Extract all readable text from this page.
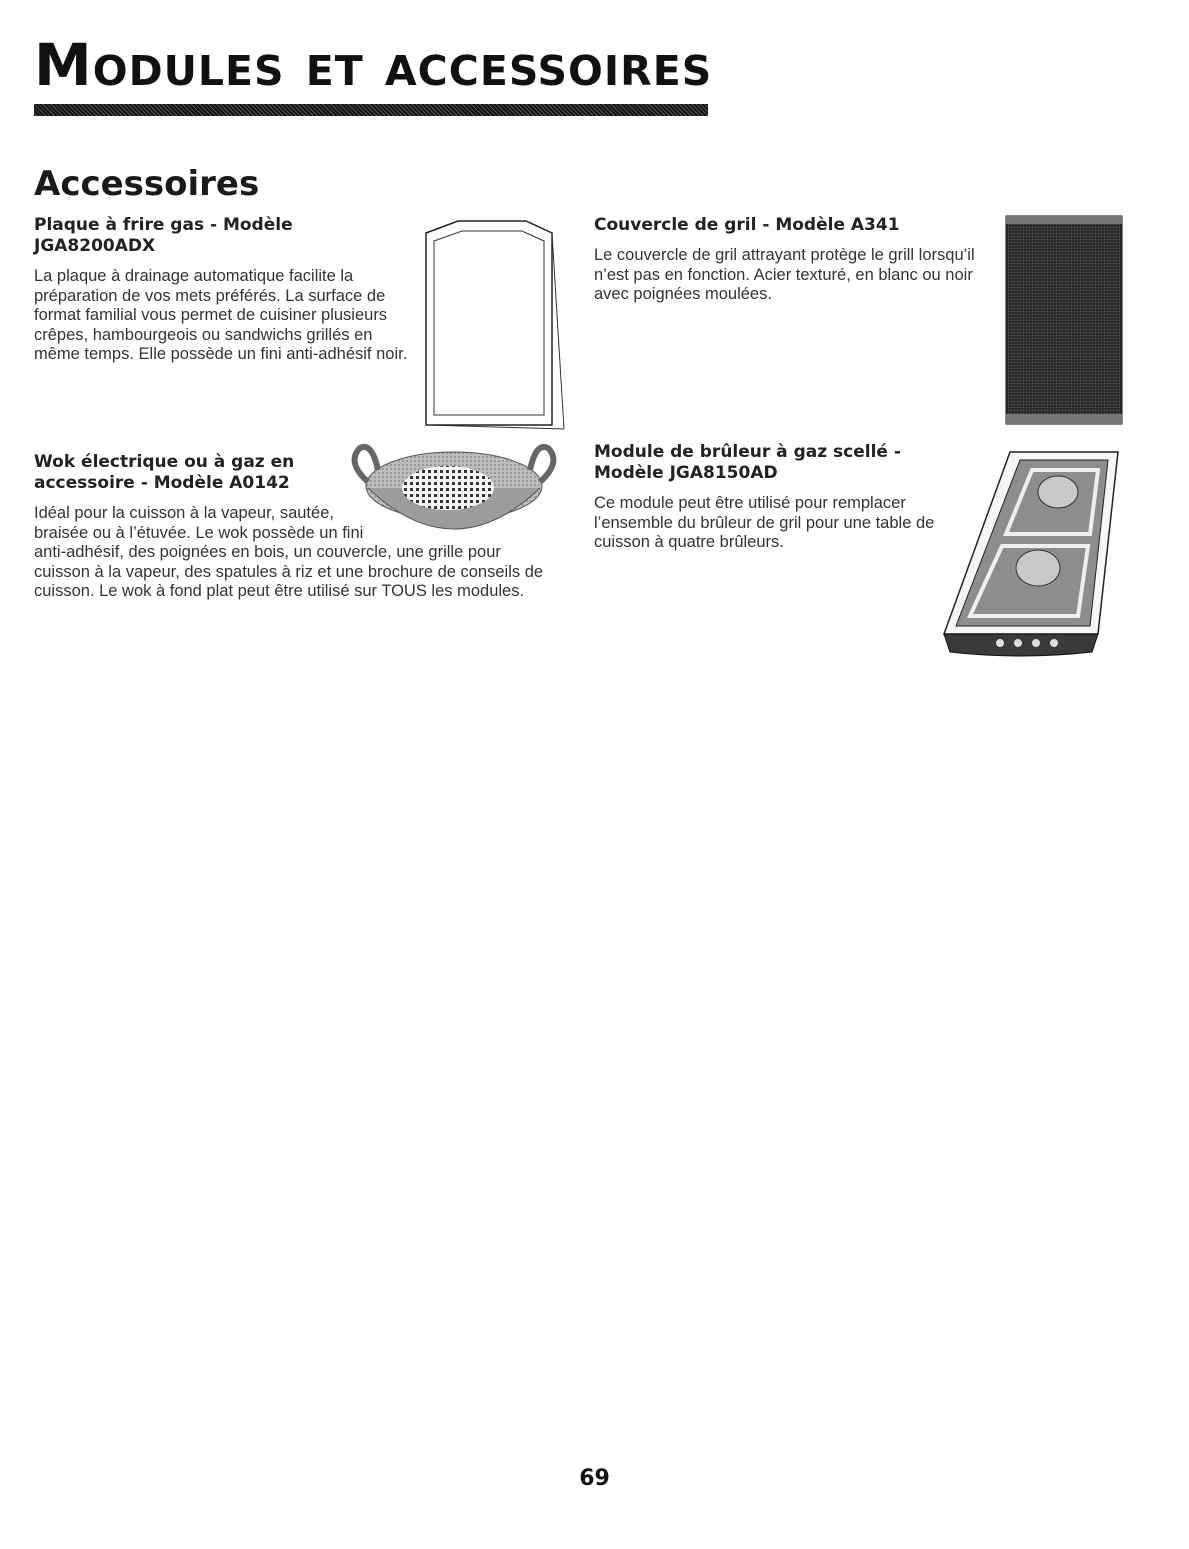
Modules et accessoires
Accessoires
Plaque à frire gas - Modèle
JGA8200ADX

La plaque à drainage automatique facilite la préparation de vos mets préférés. La surface de format familial vous permet de cuisiner plusieurs crêpes, hambourgeois ou sandwichs grillés en même temps. Elle possède un fini anti-adhésif noir.

Wok électrique ou à gaz en
accessoire - Modèle A0142

Idéal pour la cuisson à la vapeur, sautée,
braisée ou à l’étuvée. Le wok possède un fini
anti-adhésif, des poignées en bois, un couvercle, une grille pour cuisson à la vapeur, des spatules à riz et une brochure de conseils de cuisson. Le wok à fond plat peut être utilisé sur TOUS les modules.

Couvercle de gril - Modèle A341

Le couvercle de gril attrayant protège le grill lorsqu’il n’est pas en fonction. Acier texturé, en blanc ou noir avec poignées moulées.

Module de brûleur à gaz scellé -
Modèle JGA8150AD

Ce module peut être utilisé pour remplacer l’ensemble du brûleur de gril pour une table de cuisson à quatre brûleurs.

69
